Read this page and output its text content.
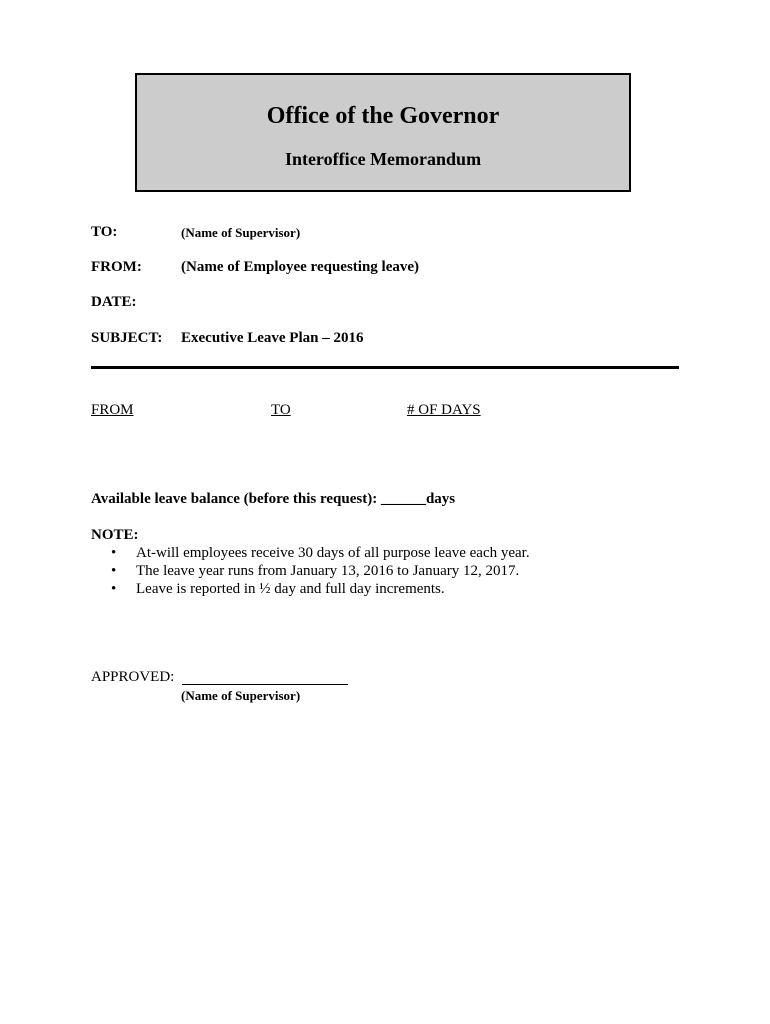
Office of the Governor
Interoffice Memorandum
TO:	(Name of Supervisor)
FROM:	(Name of Employee requesting leave)
DATE:
SUBJECT: Executive Leave Plan – 2016
FROM	TO	# OF DAYS
Available leave balance (before this request): ______days
NOTE:
• At-will employees receive 30 days of all purpose leave each year.
• The leave year runs from January 13, 2016 to January 12, 2017.
• Leave is reported in ½ day and full day increments.
APPROVED:
(Name of Supervisor)
